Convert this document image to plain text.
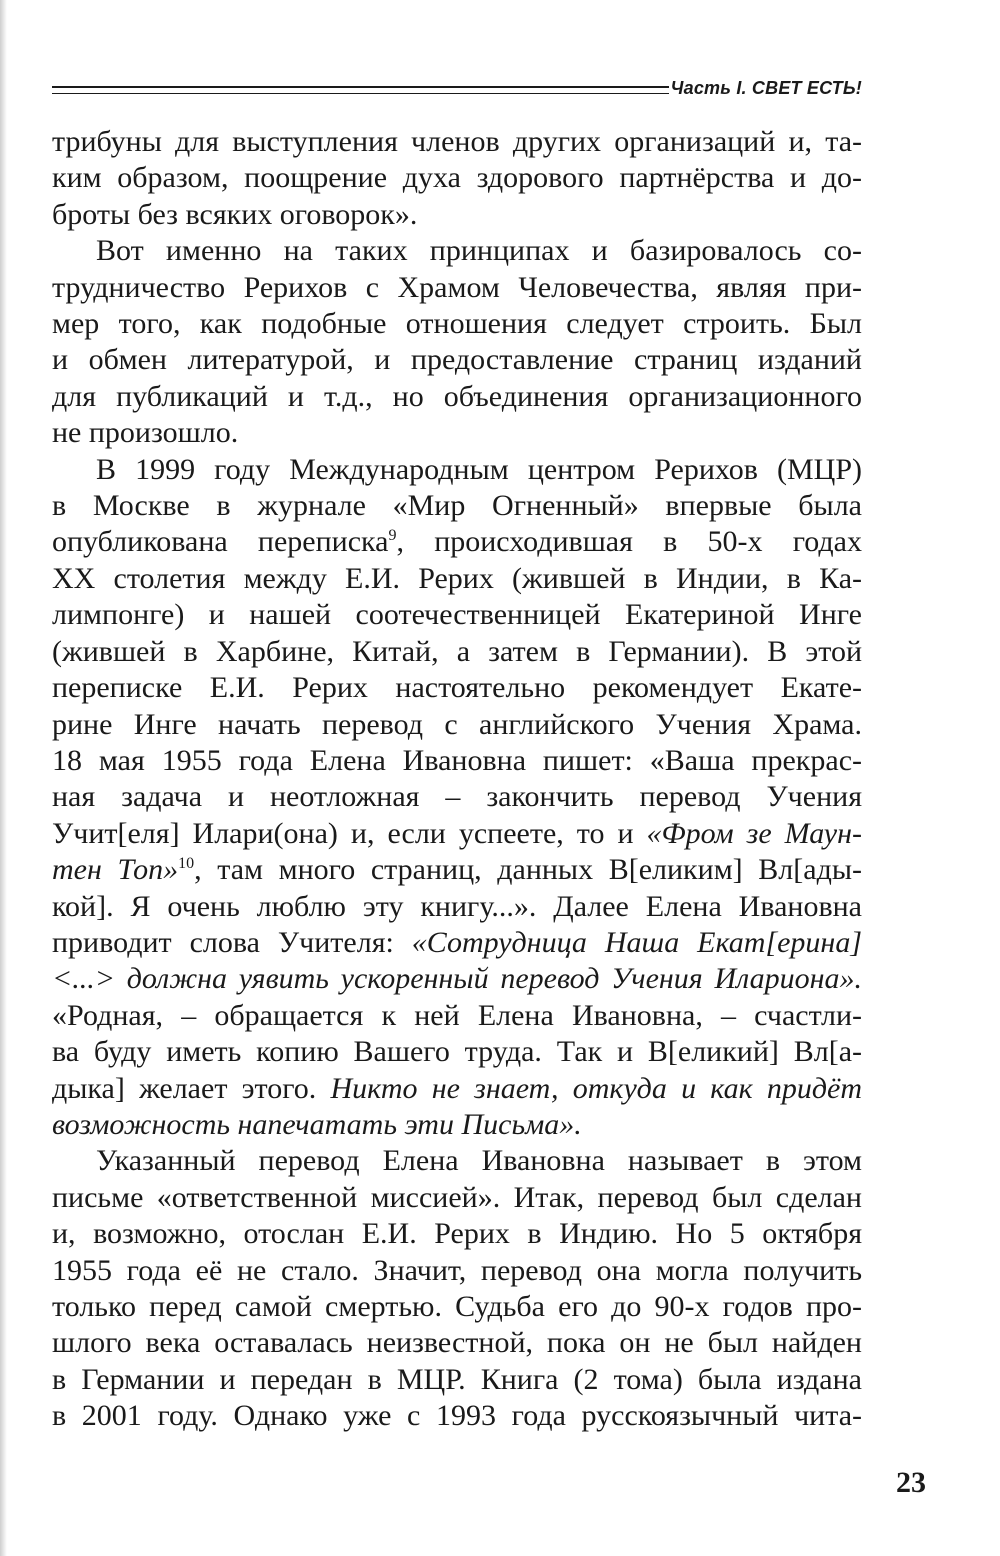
Часть I. СВЕТ ЕСТЬ!
трибуны для выступления членов других организаций и, та-
ким образом, поощрение духа здорового партнёрства и до-
броты без всяких оговорок».
Вот именно на таких принципах и базировалось со-
трудничество Рерихов с Храмом Человечества, являя при-
мер того, как подобные отношения следует строить. Был
и обмен литературой, и предоставление страниц изданий
для публикаций и т.д., но объединения организационного
не произошло.
В 1999 году Международным центром Рерихов (МЦР)
в Москве в журнале «Мир Огненный» впервые была
опубликована переписка$^9$, происходившая в 50-х годах
XX столетия между Е.И. Рерих (жившей в Индии, в Ка-
лимпонге) и нашей соотечественницей Екатериной Инге
(жившей в Харбине, Китай, а затем в Германии). В этой
переписке Е.И. Рерих настоятельно рекомендует Екате-
рине Инге начать перевод с английского Учения Храма.
18 мая 1955 года Елена Ивановна пишет: «Ваша прекрас-
ная задача и неотложная – закончить перевод Учения
Учит[еля] Илари(она) и, если успеете, то и «Фром зе Маун-
тен Топ»$^{10}$, там много страниц, данных В[еликим] Вл[ады-
кой]. Я очень люблю эту книгу...». Далее Елена Ивановна
приводит слова Учителя: «Сотрудница Наша Екат[ерина]
<...> должна уявить ускоренный перевод Учения Илариона».
«Родная, – обращается к ней Елена Ивановна, – счастли-
ва буду иметь копию Вашего труда. Так и В[еликий] Вл[а-
дыка] желает этого. Никто не знает, откуда и как придёт
возможность напечатать эти Письма».
Указанный перевод Елена Ивановна называет в этом
письме «ответственной миссией». Итак, перевод был сделан
и, возможно, отослан Е.И. Рерих в Индию. Но 5 октября
1955 года её не стало. Значит, перевод она могла получить
только перед самой смертью. Судьба его до 90-х годов про-
шлого века оставалась неизвестной, пока он не был найден
в Германии и передан в МЦР. Книга (2 тома) была издана
в 2001 году. Однако уже с 1993 года русскоязычный чита-
23
